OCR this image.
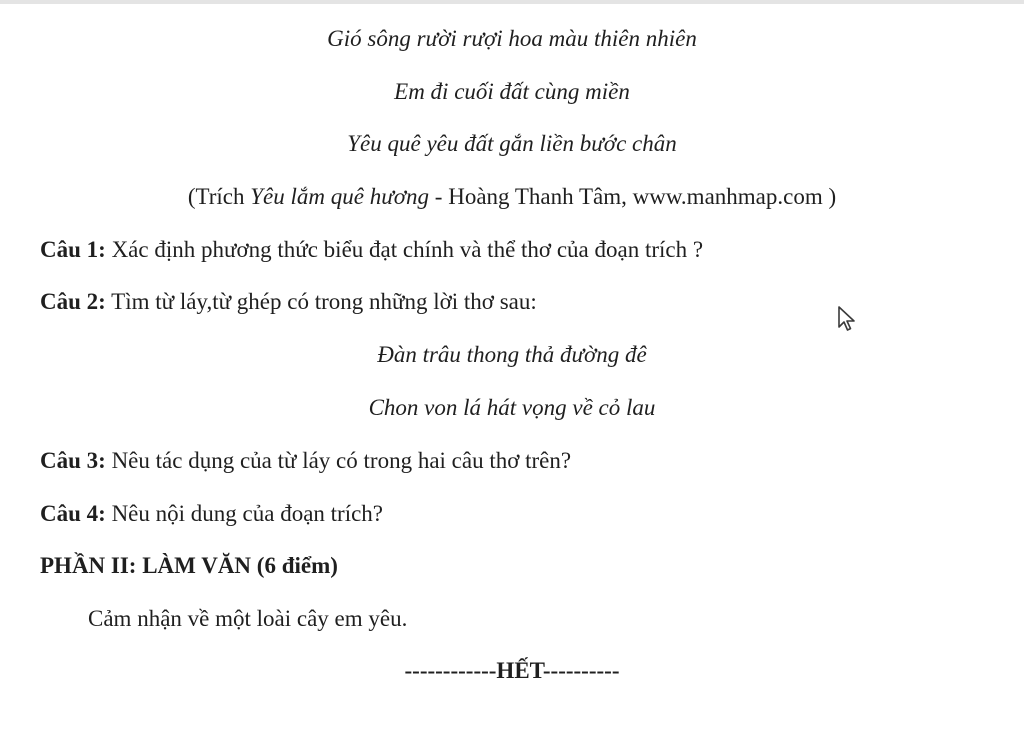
Gió sông rười rượi hoa màu thiên nhiên
Em đi cuối đất cùng miền
Yêu quê yêu đất gắn liền bước chân
(Trích Yêu lắm quê hương - Hoàng Thanh Tâm, www.manhmap.com )
Câu 1: Xác định phương thức biểu đạt chính và thể thơ của đoạn trích ?
Câu 2: Tìm từ láy,từ ghép có trong những lời thơ sau:
Đàn trâu thong thả đường đê
Chon von lá hát vọng về cỏ lau
Câu 3: Nêu tác dụng của từ láy có trong hai câu thơ trên?
Câu 4: Nêu nội dung của đoạn trích?
PHẦN II: LÀM VĂN (6 điểm)
Cảm nhận về một loài cây em yêu.
------------HẾT----------
